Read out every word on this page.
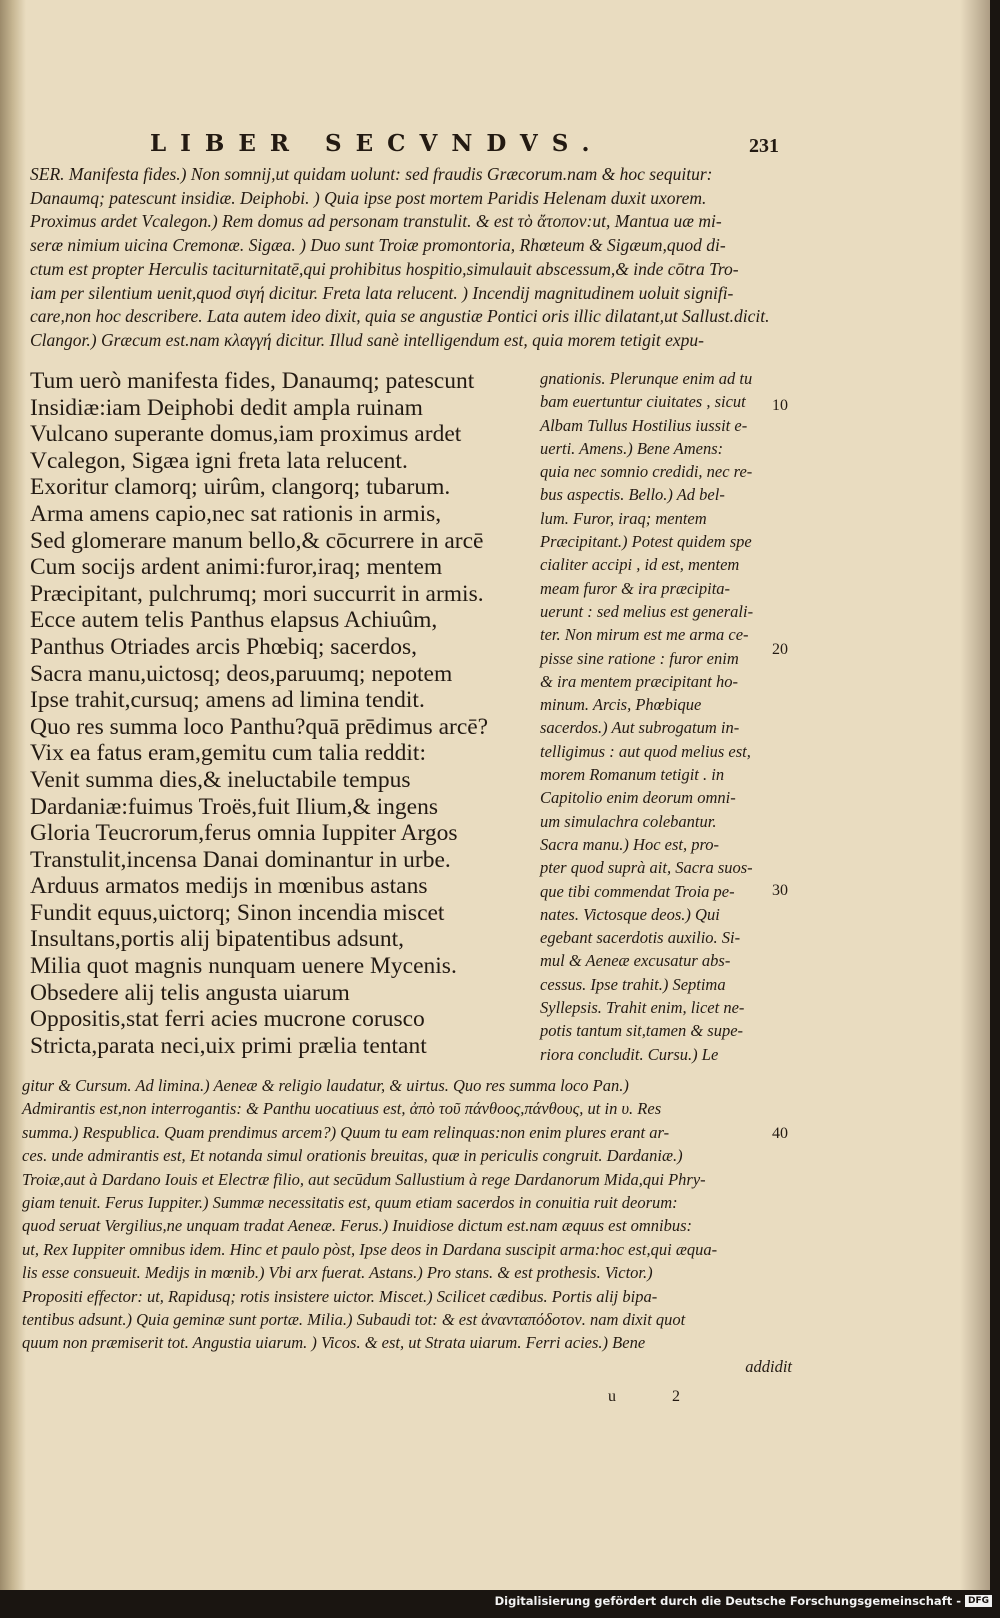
LIBER SECVNDVS.	231
SER. Manifesta fides.) Non somnij,ut quidam uolunt: sed fraudis Græcorum.nam & hoc sequitur:
Danaumq; patescunt insidiæ. Deiphobi. ) Quia ipse post mortem Paridis Helenam duxit uxorem.
Proximus ardet Vcalegon.) Rem domus ad personam transtulit. & est τὸ ἄτοπον:ut, Mantua uæ mi-
seræ nimium uicina Cremonæ. Sigæa. ) Duo sunt Troiæ promontoria, Rhœteum & Sigæum,quod di-
ctum est propter Herculis taciturnitatē,qui prohibitus hospitio,simulauit abscessum,& inde cōtra Tro-
iam per silentium uenit,quod σιγή dicitur. Freta lata relucent. ) Incendij magnitudinem uoluit signifi-
care,non hoc describere. Lata autem ideo dixit, quia se angustiæ Pontici oris illic dilatant,ut Sallust.dicit.
Clangor.) Græcum est.nam κλαγγή dicitur. Illud sanè intelligendum est, quia morem tetigit expu-
Tum uerò manifesta fides, Danaumq; patescunt
Insidiæ:iam Deiphobi dedit ampla ruinam
Vulcano superante domus,iam proximus ardet
Vcalegon, Sigæa igni freta lata relucent.
Exoritur clamorq; uirûm, clangorq; tubarum.
Arma amens capio,nec sat rationis in armis,
Sed glomerare manum bello,& cōcurrere in arcē
Cum socijs ardent animi:furor,iraq; mentem
Præcipitant, pulchrumq; mori succurrit in armis.
Ecce autem telis Panthus elapsus Achiuûm,
Panthus Otriades arcis Phœbiq; sacerdos,
Sacra manu,uictosq; deos,paruumq; nepotem
Ipse trahit,cursuq; amens ad limina tendit.
Quo res summa loco Panthu?quā prēdimus arcē?
Vix ea fatus eram,gemitu cum talia reddit:
Venit summa dies,& ineluctabile tempus
Dardaniæ:fuimus Troës,fuit Ilium,& ingens
Gloria Teucrorum,ferus omnia Iuppiter Argos
Transtulit,incensa Danai dominantur in urbe.
Arduus armatos medijs in mœnibus astans
Fundit equus,uictorq; Sinon incendia miscet
Insultans,portis alij bipatentibus adsunt,
Milia quot magnis nunquam uenere Mycenis.
Obsedere alij telis angusta uiarum
Oppositis,stat ferri acies mucrone corusco
Stricta,parata neci,uix primi prælia tentant
gnationis. Plerunque enim ad tu
bam euertuntur ciuitates , sicut
Albam Tullus Hostilius iussit e-
uerti. Amens.) Bene Amens:
quia nec somnio credidi, nec re-
bus aspectis. Bello.) Ad bel-
lum. Furor, iraq; mentem
Præcipitant.) Potest quidem spe
cialiter accipi , id est, mentem
meam furor & ira præcipita-
uerunt : sed melius est generali-
ter. Non mirum est me arma ce-
pisse sine ratione : furor enim
& ira mentem præcipitant ho-
minum. Arcis, Phœbique
sacerdos.) Aut subrogatum in-
telligimus : aut quod melius est,
morem Romanum tetigit . in
Capitolio enim deorum omni-
um simulachra colebantur.
Sacra manu.) Hoc est, pro-
pter quod suprà ait, Sacra suos-
que tibi commendat Troia pe-
nates. Victosque deos.) Qui
egebant sacerdotis auxilio. Si-
mul & Aeneæ excusatur abs-
cessus. Ipse trahit.) Septima
Syllepsis. Trahit enim, licet ne-
potis tantum sit,tamen & supe-
riora concludit. Cursu.) Le
10
20
30
40
gitur & Cursum. Ad limina.) Aeneæ & religio laudatur, & uirtus. Quo res summa loco Pan.)
Admirantis est,non interrogantis: & Panthu uocatiuus est, ἀπὸ τοῦ πάνθοος,πάνθους, ut in υ. Res
summa.) Respublica. Quam prendimus arcem?) Quum tu eam relinquas:non enim plures erant ar-
ces. unde admirantis est, Et notanda simul orationis breuitas, quæ in periculis congruit. Dardaniæ.)
Troiæ,aut à Dardano Iouis et Electræ filio, aut secūdum Sallustium à rege Dardanorum Mida,qui Phry-
giam tenuit. Ferus Iuppiter.) Summæ necessitatis est, quum etiam sacerdos in conuitia ruit deorum:
quod seruat Vergilius,ne unquam tradat Aeneæ. Ferus.) Inuidiose dictum est.nam æquus est omnibus:
ut, Rex Iuppiter omnibus idem. Hinc et paulo pòst, Ipse deos in Dardana suscipit arma:hoc est,qui æqua-
lis esse consueuit. Medijs in mœnib.) Vbi arx fuerat. Astans.) Pro stans. & est prothesis. Victor.)
Propositi effector: ut, Rapidusq; rotis insistere uictor. Miscet.) Scilicet cædibus. Portis alij bipa-
tentibus adsunt.) Quia geminæ sunt portæ. Milia.) Subaudi tot: & est ἀνανταπόδοτον. nam dixit quot
quum non præmiserit tot. Angustia uiarum. ) Vicos. & est, ut Strata uiarum. Ferri acies.) Bene
addidit
u 2
Digitalisierung gefördert durch die Deutsche Forschungsgemeinschaft - DFG
